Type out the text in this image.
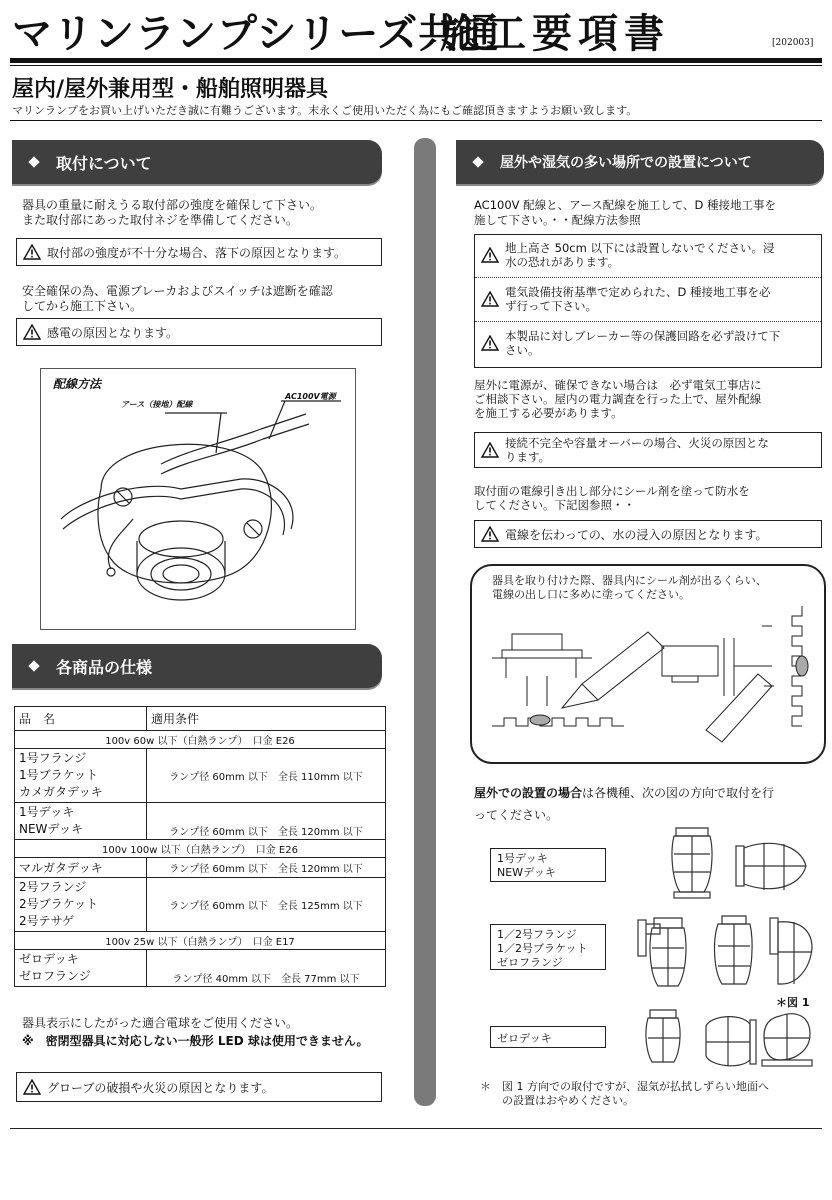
マリンランプシリーズ共通
施工要項書	[202003]
屋内/屋外兼用型・船舶照明器具
マリンランプをお買い上げいただき誠に有難うございます。末永くご使用いただく為にもご確認頂きますようお願い致します。
取付について
器具の重量に耐えうる取付部の強度を確保して下さい。
また取付部にあった取付ネジを準備してください。
取付部の強度が不十分な場合、落下の原因となります。
安全確保の為、電源ブレーカおよびスイッチは遮断を確認
してから施工下さい。
感電の原因となります。
配線方法
アース（接地）配線
AC100V電源
各商品の仕様
品　名	適用条件
100v 60w 以下（白熱ランプ）　口金 E26	

1号フランジ
1号ブラケット
カメガタデッキ	ランプ径 60mm 以下　全長 110mm 以下

1号デッキ
NEWデッキ	ランプ径 60mm 以下　全長 120mm 以下
100v 100w 以下（白熱ランプ）　口金 E26	

マルガタデッキ	ランプ径 60mm 以下　全長 120mm 以下

2号フランジ
2号ブラケット
2号テサゲ	ランプ径 60mm 以下　全長 125mm 以下
100v 25w 以下（白熱ランプ）　口金 E17	

ゼロデッキ
ゼロフランジ	ランプ径 40mm 以下　全長 77mm 以下
器具表示にしたがった適合電球をご使用ください。
※　密閉型器具に対応しない一般形 LED 球は使用できません。
グローブの破損や火災の原因となります。
屋外や湿気の多い場所での設置について
AC100V 配線と、アース配線を施工して、D 種接地工事を
施して下さい。・・配線方法参照
地上高さ 50cm 以下には設置しないでください。浸
水の恐れがあります。
電気設備技術基準で定められた、D 種接地工事を必
ず行って下さい。
本製品に対しブレーカー等の保護回路を必ず設けて下
さい。
屋外に電源が、確保できない場合は　必ず電気工事店に
ご相談下さい。屋内の電力調査を行った上で、屋外配線
を施工する必要があります。
接続不完全や容量オーバーの場合、火災の原因とな
ります。
取付面の電線引き出し部分にシール剤を塗って防水を
してください。下記図参照・・
電線を伝わっての、水の浸入の原因となります。
器具を取り付けた際、器具内にシール剤が出るくらい、
電線の出し口に多めに塗ってください。
屋外での設置の場合は各機種、次の図の方向で取付を行
ってください。
1号デッキ
NEWデッキ
1／2号フランジ
1／2号ブラケット
ゼロフランジ
ゼロデッキ
＊図 1
＊　図 1 方向での取付ですが、湿気が払拭しずらい地面へ
　　の設置はおやめください。
